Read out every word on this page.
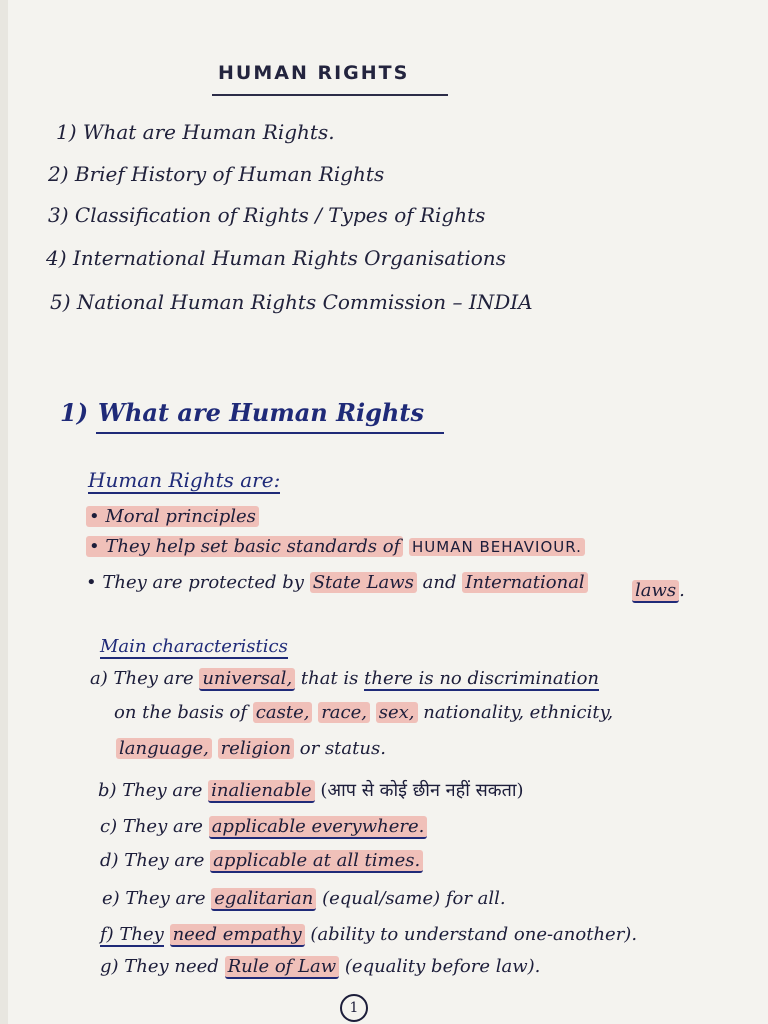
HUMAN RIGHTS
1) What are Human Rights.
2) Brief History of Human Rights
3) Classification of Rights / Types of Rights
4) International Human Rights Organisations
5) National Human Rights Commission – INDIA
1) What are Human Rights
Human Rights are:
• Moral principles
• They help set basic standards of HUMAN BEHAVIOUR.
• They are protected by State Laws and International	laws .
Main characteristics
a) They are universal, that is there is no discrimination
on the basis of caste, race, sex, nationality, ethnicity,
language, religion or status.
b) They are inalienable (आप से कोई छीन नहीं सकता)
c) They are applicable everywhere.
d) They are applicable at all times.
e) They are egalitarian (equal/same) for all.
f) They need empathy (ability to understand one-another).
g) They need Rule of Law (equality before law).
1
